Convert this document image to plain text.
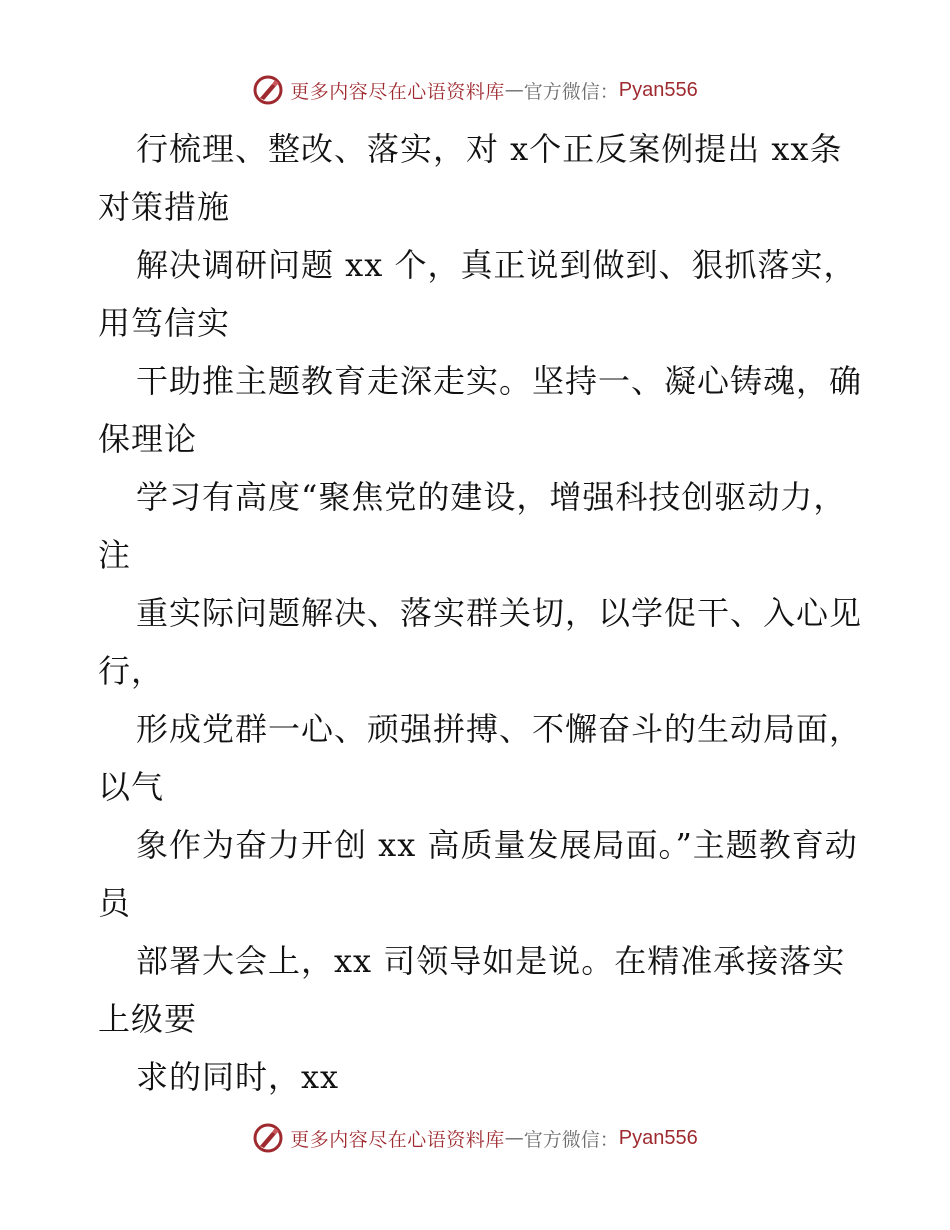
更多内容尽在心语资料库 — 官方微信： Pyan556

行梳理、整改、落实，对 x个正反案例提出 xx条对策措施

解决调研问题 xx 个，真正说到做到、狠抓落实，用笃信实

干助推主题教育走深走实。坚持一、凝心铸魂，确保理论

学习有高度“聚焦党的建设，增强科技创驱动力，注

重实际问题解决、落实群关切，以学促干、入心见行，

形成党群一心、顽强拼搏、不懈奋斗的生动局面，以气

象作为奋力开创 xx 高质量发展局面。”主题教育动员

部署大会上，xx 司领导如是说。在精准承接落实上级要

求的同时，xx

更多内容尽在心语资料库 — 官方微信： Pyan556
